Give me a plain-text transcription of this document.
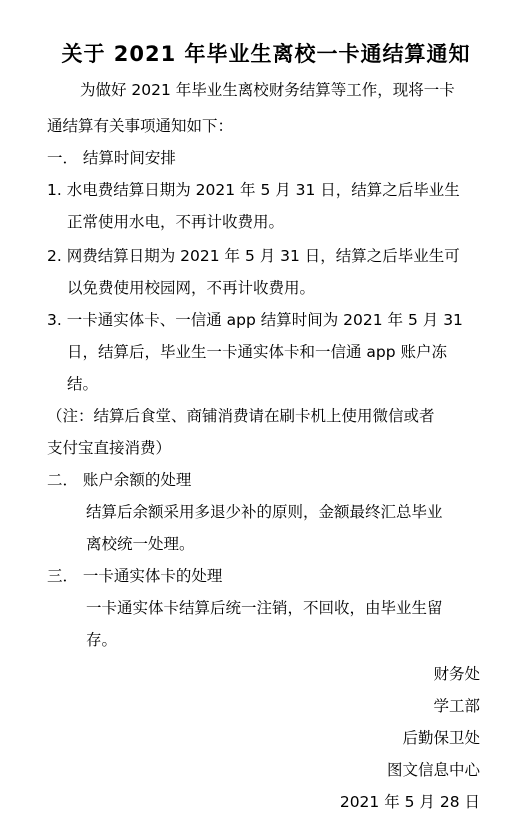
关于 2021 年毕业生离校一卡通结算通知
为做好 2021 年毕业生离校财务结算等工作，现将一卡
通结算有关事项通知如下：
一． 结算时间安排
1. 水电费结算日期为 2021 年 5 月 31 日，结算之后毕业生
正常使用水电，不再计收费用。
2. 网费结算日期为 2021 年 5 月 31 日，结算之后毕业生可
以免费使用校园网，不再计收费用。
3. 一卡通实体卡、一信通 app 结算时间为 2021 年 5 月 31
日，结算后，毕业生一卡通实体卡和一信通 app 账户冻
结。
（注：结算后食堂、商铺消费请在刷卡机上使用微信或者
支付宝直接消费）
二． 账户余额的处理
结算后余额采用多退少补的原则，金额最终汇总毕业
离校统一处理。
三． 一卡通实体卡的处理
一卡通实体卡结算后统一注销，不回收，由毕业生留
存。
财务处
学工部
后勤保卫处
图文信息中心
2021 年 5 月 28 日
